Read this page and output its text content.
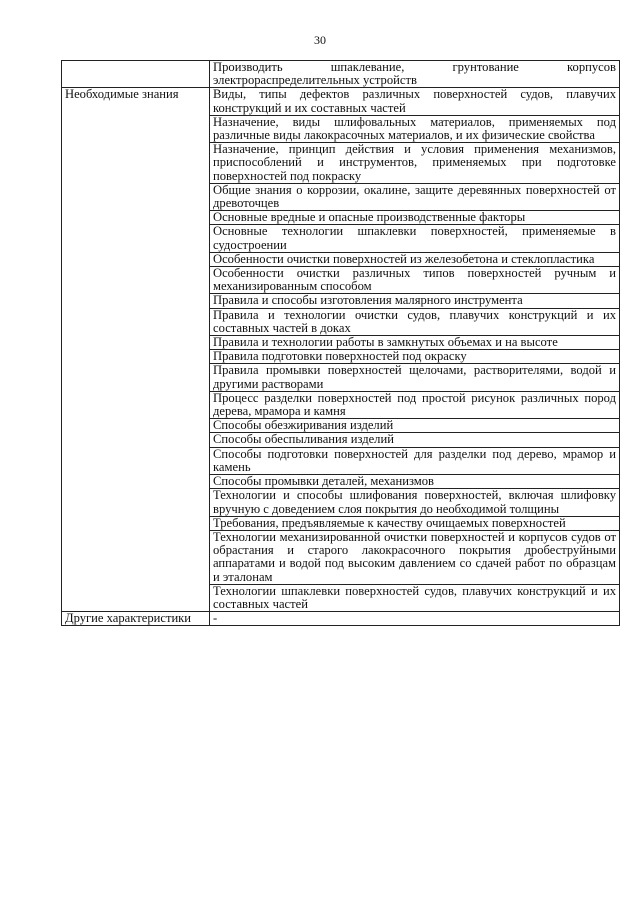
30
	Производить шпаклевание, грунтование корпусов электрораспределительных устройств
Необходимые знания	Виды, типы дефектов различных поверхностей судов, плавучих конструкций и их составных частей
	Назначение, виды шлифовальных материалов, применяемых под различные виды лакокрасочных материалов, и их физические свойства
	Назначение, принцип действия и условия применения механизмов, приспособлений и инструментов, применяемых при подготовке поверхностей под покраску
	Общие знания о коррозии, окалине, защите деревянных поверхностей от древоточцев
	Основные вредные и опасные производственные факторы
	Основные технологии шпаклевки поверхностей, применяемые в судостроении
	Особенности очистки поверхностей из железобетона и стеклопластика
	Особенности очистки различных типов поверхностей ручным и механизированным способом
	Правила и способы изготовления малярного инструмента
	Правила и технологии очистки судов, плавучих конструкций и их составных частей в доках
	Правила и технологии работы в замкнутых объемах и на высоте
	Правила подготовки поверхностей под окраску
	Правила промывки поверхностей щелочами, растворителями, водой и другими растворами
	Процесс разделки поверхностей под простой рисунок различных пород дерева, мрамора и камня
	Способы обезжиривания изделий
	Способы обеспыливания изделий
	Способы подготовки поверхностей для разделки под дерево, мрамор и камень
	Способы промывки деталей, механизмов
	Технологии и способы шлифования поверхностей, включая шлифовку вручную с доведением слоя покрытия до необходимой толщины
	Требования, предъявляемые к качеству очищаемых поверхностей
	Технологии механизированной очистки поверхностей и корпусов судов от обрастания и старого лакокрасочного покрытия дробеструйными аппаратами и водой под высоким давлением со сдачей работ по образцам и эталонам
	Технологии шпаклевки поверхностей судов, плавучих конструкций и их составных частей
Другие характеристики	-
